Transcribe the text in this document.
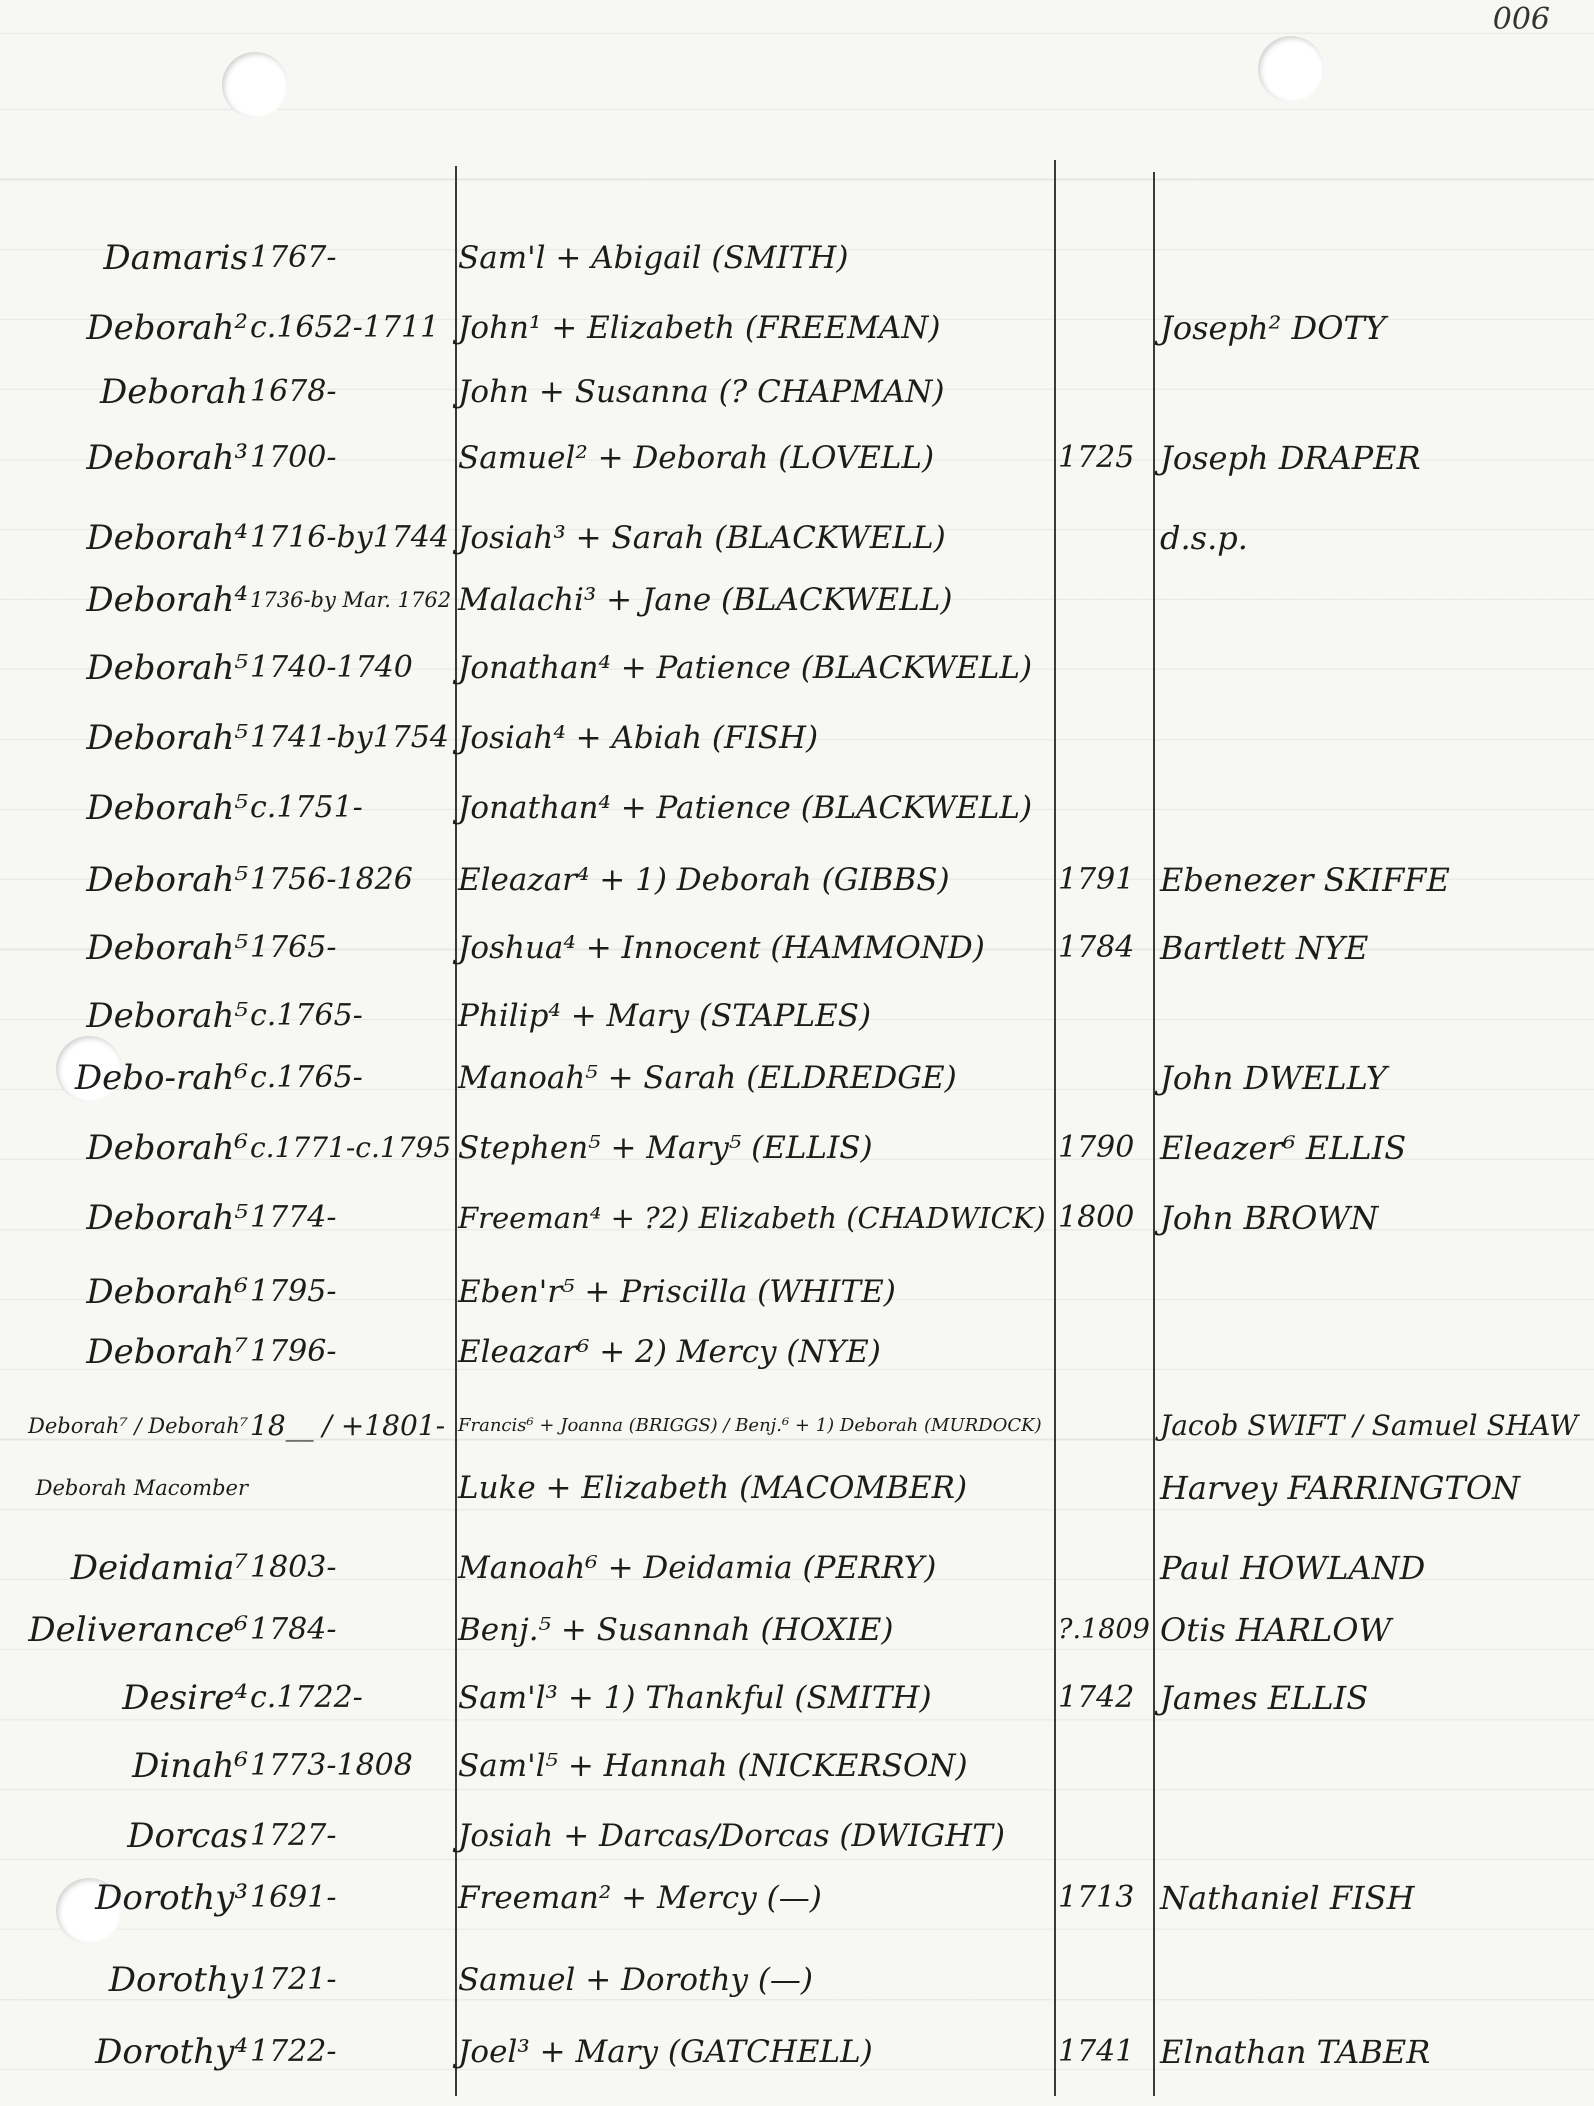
006
Damaris 1767-	Sam'l + Abigail (SMITH)
Deborah² c.1652-1711 John¹ + Elizabeth (FREEMAN)	Joseph² DOTY
Deborah 1678-	John + Susanna (? CHAPMAN)
Deborah³ 1700-	Samuel² + Deborah (LOVELL)	1725 Joseph DRAPER
Deborah⁴ 1716-by1744 Josiah³ + Sarah (BLACKWELL)	d.s.p.
Deborah⁴ 1736-by Mar. 1762 Malachi³ + Jane (BLACKWELL)
Deborah⁵ 1740-1740	Jonathan⁴ + Patience (BLACKWELL)
Deborah⁵ 1741-by1754 Josiah⁴ + Abiah (FISH)
Deborah⁵ c.1751-	Jonathan⁴ + Patience (BLACKWELL)
Deborah⁵ 1756-1826	Eleazar⁴ + 1) Deborah (GIBBS)	1791 Ebenezer SKIFFE
Deborah⁵ 1765-	Joshua⁴ + Innocent (HAMMOND)	1784 Bartlett NYE
Deborah⁵ c.1765-	Philip⁴ + Mary (STAPLES)
Debo-rah⁶ c.1765-	Manoah⁵ + Sarah (ELDREDGE)	John DWELLY
Deborah⁶ c.1771-c.1795 Stephen⁵ + Mary⁵ (ELLIS)	1790 Eleazer⁶ ELLIS
Deborah⁵ 1774-	Freeman⁴ + ?2) Elizabeth (CHADWICK) 1800 John BROWN
Deborah⁶ 1795-	Eben'r⁵ + Priscilla (WHITE)
Deborah⁷ 1796-	Eleazar⁶ + 2) Mercy (NYE)
Deborah⁷ / Deborah⁷ 18__ / +1801- Francis⁶ + Joanna (BRIGGS) / Benj.⁶ + 1) Deborah (MURDOCK)	Jacob SWIFT / Samuel SHAW
Deborah Macomber	Luke + Elizabeth (MACOMBER)	Harvey FARRINGTON
Deidamia⁷ 1803-	Manoah⁶ + Deidamia (PERRY)	Paul HOWLAND
Deliverance⁶ 1784-	Benj.⁵ + Susannah (HOXIE)	?.1809 Otis HARLOW
Desire⁴ c.1722-	Sam'l³ + 1) Thankful (SMITH)	1742 James ELLIS
Dinah⁶ 1773-1808	Sam'l⁵ + Hannah (NICKERSON)
Dorcas 1727-	Josiah + Darcas/Dorcas (DWIGHT)
Dorothy³ 1691-	Freeman² + Mercy (—)	1713 Nathaniel FISH
Dorothy 1721-	Samuel + Dorothy (—)
Dorothy⁴ 1722-	Joel³ + Mary (GATCHELL)	1741 Elnathan TABER
